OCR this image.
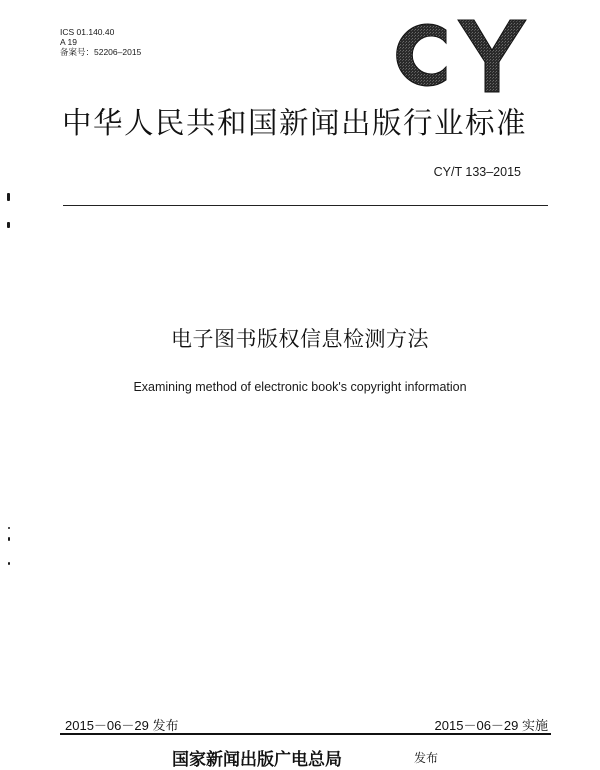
ICS 01.140.40
A 19
备案号：52206–2015
中华人民共和国新闻出版行业标准
CY/T 133–2015
电子图书版权信息检测方法
Examining method of electronic book's copyright information
2015－06－29 发布	2015－06－29 实施
国家新闻出版广电总局	发布
